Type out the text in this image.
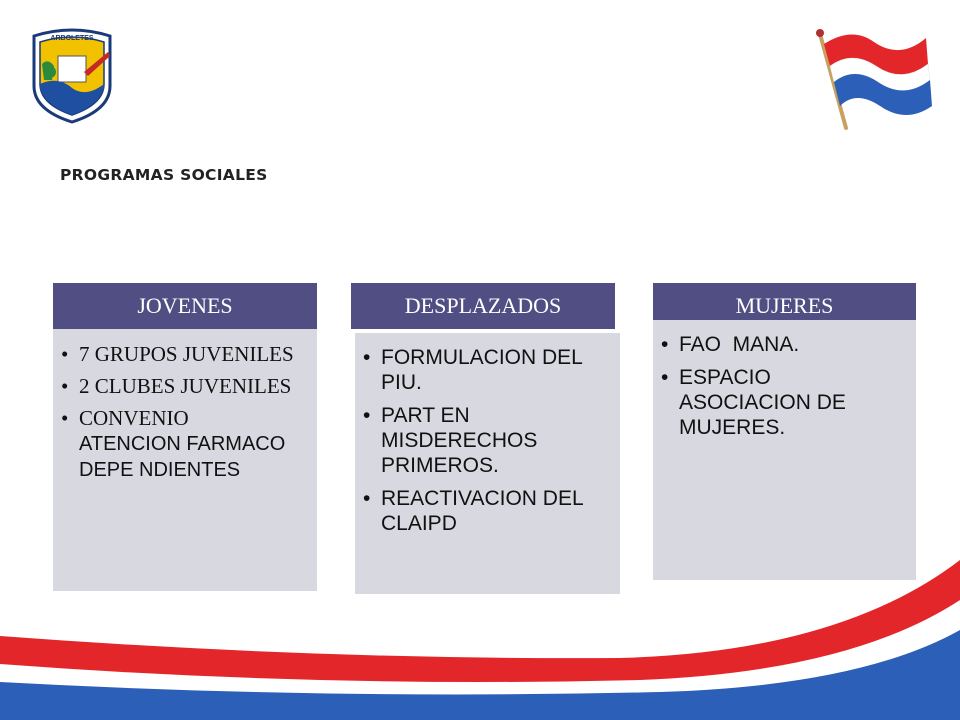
ARBOLETES
PROGRAMAS SOCIALES
JOVENES
• 7 GRUPOS JUVENILES
• 2 CLUBES JUVENILES
• CONVENIO

ATENCION FARMACODEPE NDIENTES
DESPLAZADOS
• FORMULACION DEL PIU.
• PART EN MISDERECHOS PRIMEROS.
• REACTIVACION DEL CLAIPD
MUJERES
• FAO  MANA.
• ESPACIO ASOCIACION DE MUJERES.
